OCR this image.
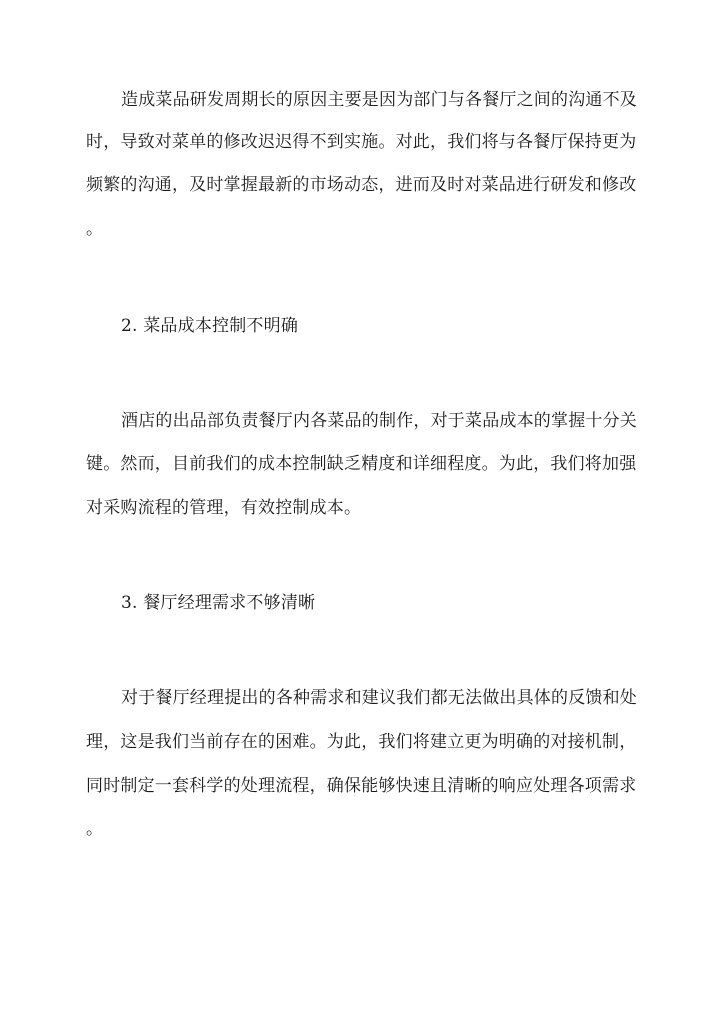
造成菜品研发周期长的原因主要是因为部门与各餐厅之间的沟通不及
时，导致对菜单的修改迟迟得不到实施。对此，我们将与各餐厅保持更为
频繁的沟通，及时掌握最新的市场动态，进而及时对菜品进行研发和修改
。
2. 菜品成本控制不明确
酒店的出品部负责餐厅内各菜品的制作，对于菜品成本的掌握十分关
键。然而，目前我们的成本控制缺乏精度和详细程度。为此，我们将加强
对采购流程的管理，有效控制成本。
3. 餐厅经理需求不够清晰
对于餐厅经理提出的各种需求和建议我们都无法做出具体的反馈和处
理，这是我们当前存在的困难。为此，我们将建立更为明确的对接机制，
同时制定一套科学的处理流程，确保能够快速且清晰的响应处理各项需求
。
